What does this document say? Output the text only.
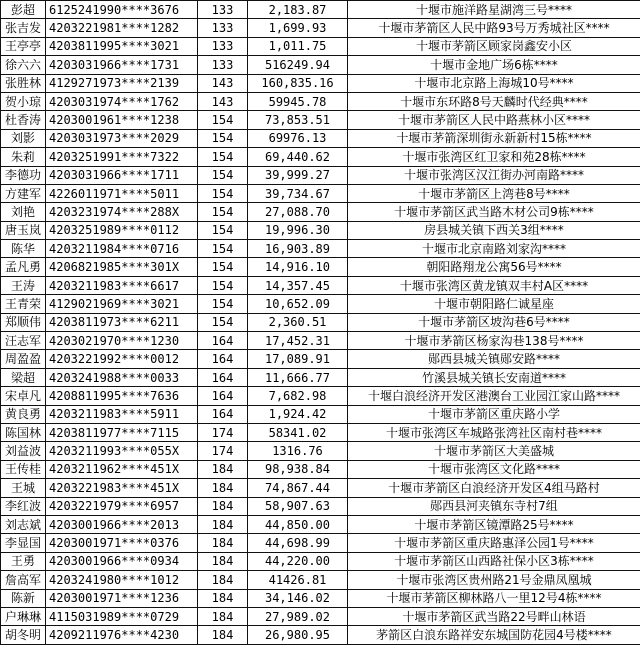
彭超	6125241990****3676	133	2,183.87	十堰市施洋路星湖湾三号****
张吉发	4203221981****1282	133	1,699.93	十堰市茅箭区人民中路93号万秀城社区****
王亭亭	4203811995****3021	133	1,011.75	十堰市茅箭区顾家岗鑫安小区
徐六六	4203031966****1731	133	516249.94	十堰市金地广场6栋****
张胜林	4129271973****2139	143	160,835.16	十堰市北京路上海城10号****
贺小琼	4203031974****1762	143	59945.78	十堰市东环路8号天麟时代经典****
杜香涛	4203001961****1238	154	73,853.51	十堰市茅箭区人民中路燕林小区****
刘影	4203031973****2029	154	69976.13	十堰市茅箭深圳街永新新村15栋****
朱莉	4203251991****7322	154	69,440.62	十堰市张湾区红卫家和苑28栋****
李德功	4203031966****1711	154	39,999.27	十堰市张湾区汉江街办河南路****
方建军	4226011971****5011	154	39,734.67	十堰市茅箭区上湾巷8号****
刘艳	4203231974****288X	154	27,088.70	十堰市茅箭区武当路木材公司9栋****
唐玉岚	4203251989****0112	154	19,996.30	房县城关镇下西关3组****
陈华	4203211984****0716	154	16,903.89	十堰市北京南路刘家沟****
孟凡勇	4206821985****301X	154	14,916.10	朝阳路翔龙公寓56号****
王涛	4203211983****6617	154	14,357.45	十堰市张湾区黄龙镇双丰村A区****
王青荣	4129021969****3021	154	10,652.09	十堰市朝阳路仁诚星座
郑顺伟	4203811973****6211	154	2,360.51	十堰市茅箭区坡沟巷6号****
汪志军	4203021970****1230	164	17,452.31	十堰市茅箭区杨家沟巷138号****
周盈盈	4203221992****0012	164	17,089.91	郧西县城关镇郧安路****
梁超	4203241988****0033	164	11,666.77	竹溪县城关镇长安南道****
宋卓凡	4208811995****7636	164	7,682.98	十堰白浪经济开发区港澳台工业园江家山路****
黄良勇	4203211983****5911	164	1,924.42	十堰市茅箭区重庆路小学
陈国林	4203811977****7115	174	58341.02	十堰市张湾区车城路张湾社区南村巷****
刘益波	4203211993****055X	174	1316.76	十堰市茅箭区大美盛城
王传桂	4203211962****451X	184	98,938.84	十堰市张湾区文化路****
王城	4203221983****451X	184	74,867.44	十堰市茅箭区白浪经济开发区4组马路村
李红波	4203221979****6957	184	58,907.63	郧西县河夹镇东寺村7组
刘志斌	4203001966****2013	184	44,850.00	十堰市茅箭区镜潭路25号****
李显国	4203001971****0376	184	44,698.99	十堰市茅箭区重庆路惠泽公园1号****
王勇	4203001966****0934	184	44,220.00	十堰市茅箭区山西路社保小区3栋****
詹高军	4203241980****1012	184	41426.81	十堰市张湾区贵州路21号金鼎凤凰城
陈新	4203001971****1236	184	34,146.02	十堰市茅箭区柳林路八一里12号4栋****
户琳琳	4115031989****0729	184	27,989.02	十堰市茅箭区武当路22号畔山林语
胡冬明	4209211976****4230	184	26,980.95	茅箭区白浪东路祥安东城国防花园4号楼****
